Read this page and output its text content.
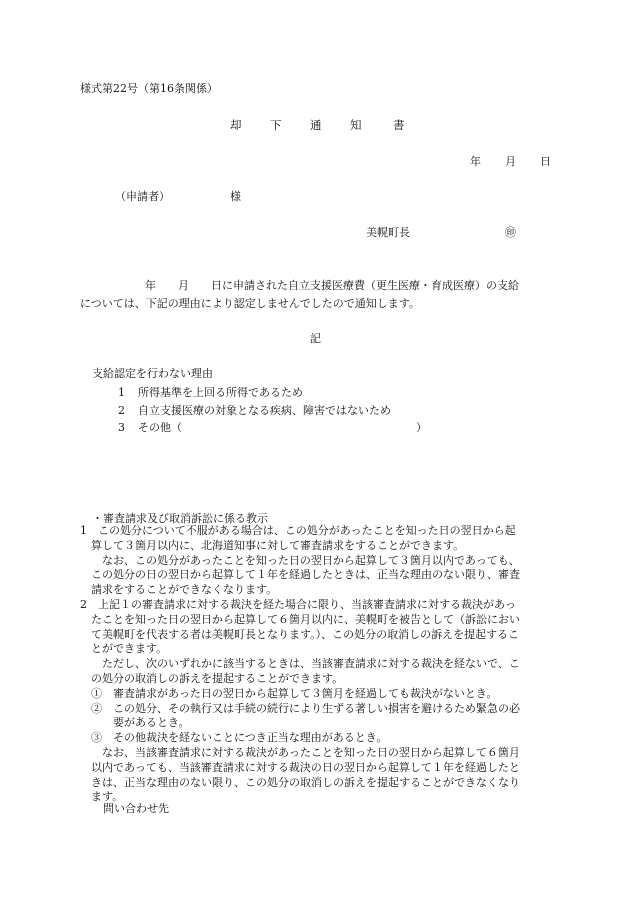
様式第22号（第16条関係）
却 下 通 知	書
年 月 日
（申請者）	様
美幌町長	㊞
年　　月　　日に申請された自立支援医療費（更生医療・育成医療）の支給
については、下記の理由により認定しませんでしたので通知します。
記
支給認定を行わない理由
1 所得基準を上回る所得であるため
2 自立支援医療の対象となる疾病、障害ではないため
3 その他（	）
・審査請求及び取消訴訟に係る教示
1　この処分について不服がある場合は、この処分があったことを知った日の翌日から起
算して３箇月以内に、北海道知事に対して審査請求をすることができます。
なお、この処分があったことを知った日の翌日から起算して３箇月以内であっても、
この処分の日の翌日から起算して１年を経過したときは、正当な理由のない限り、審査
請求をすることができなくなります。
2　上記１の審査請求に対する裁決を経た場合に限り、当該審査請求に対する裁決があっ
たことを知った日の翌日から起算して６箇月以内に、美幌町を被告として（訴訟におい
て美幌町を代表する者は美幌町長となります。）、この処分の取消しの訴えを提起するこ
とができます。
ただし、次のいずれかに該当するときは、当該審査請求に対する裁決を経ないで、こ
の処分の取消しの訴えを提起することができます。
①　審査請求があった日の翌日から起算して３箇月を経過しても裁決がないとき。
②　この処分、その執行又は手続の続行により生ずる著しい損害を避けるため緊急の必
要があるとき。
③　その他裁決を経ないことにつき正当な理由があるとき。
なお、当該審査請求に対する裁決があったことを知った日の翌日から起算して６箇月
以内であっても、当該審査請求に対する裁決の日の翌日から起算して１年を経過したと
きは、正当な理由のない限り、この処分の取消しの訴えを提起することができなくなり
ます。
問い合わせ先
